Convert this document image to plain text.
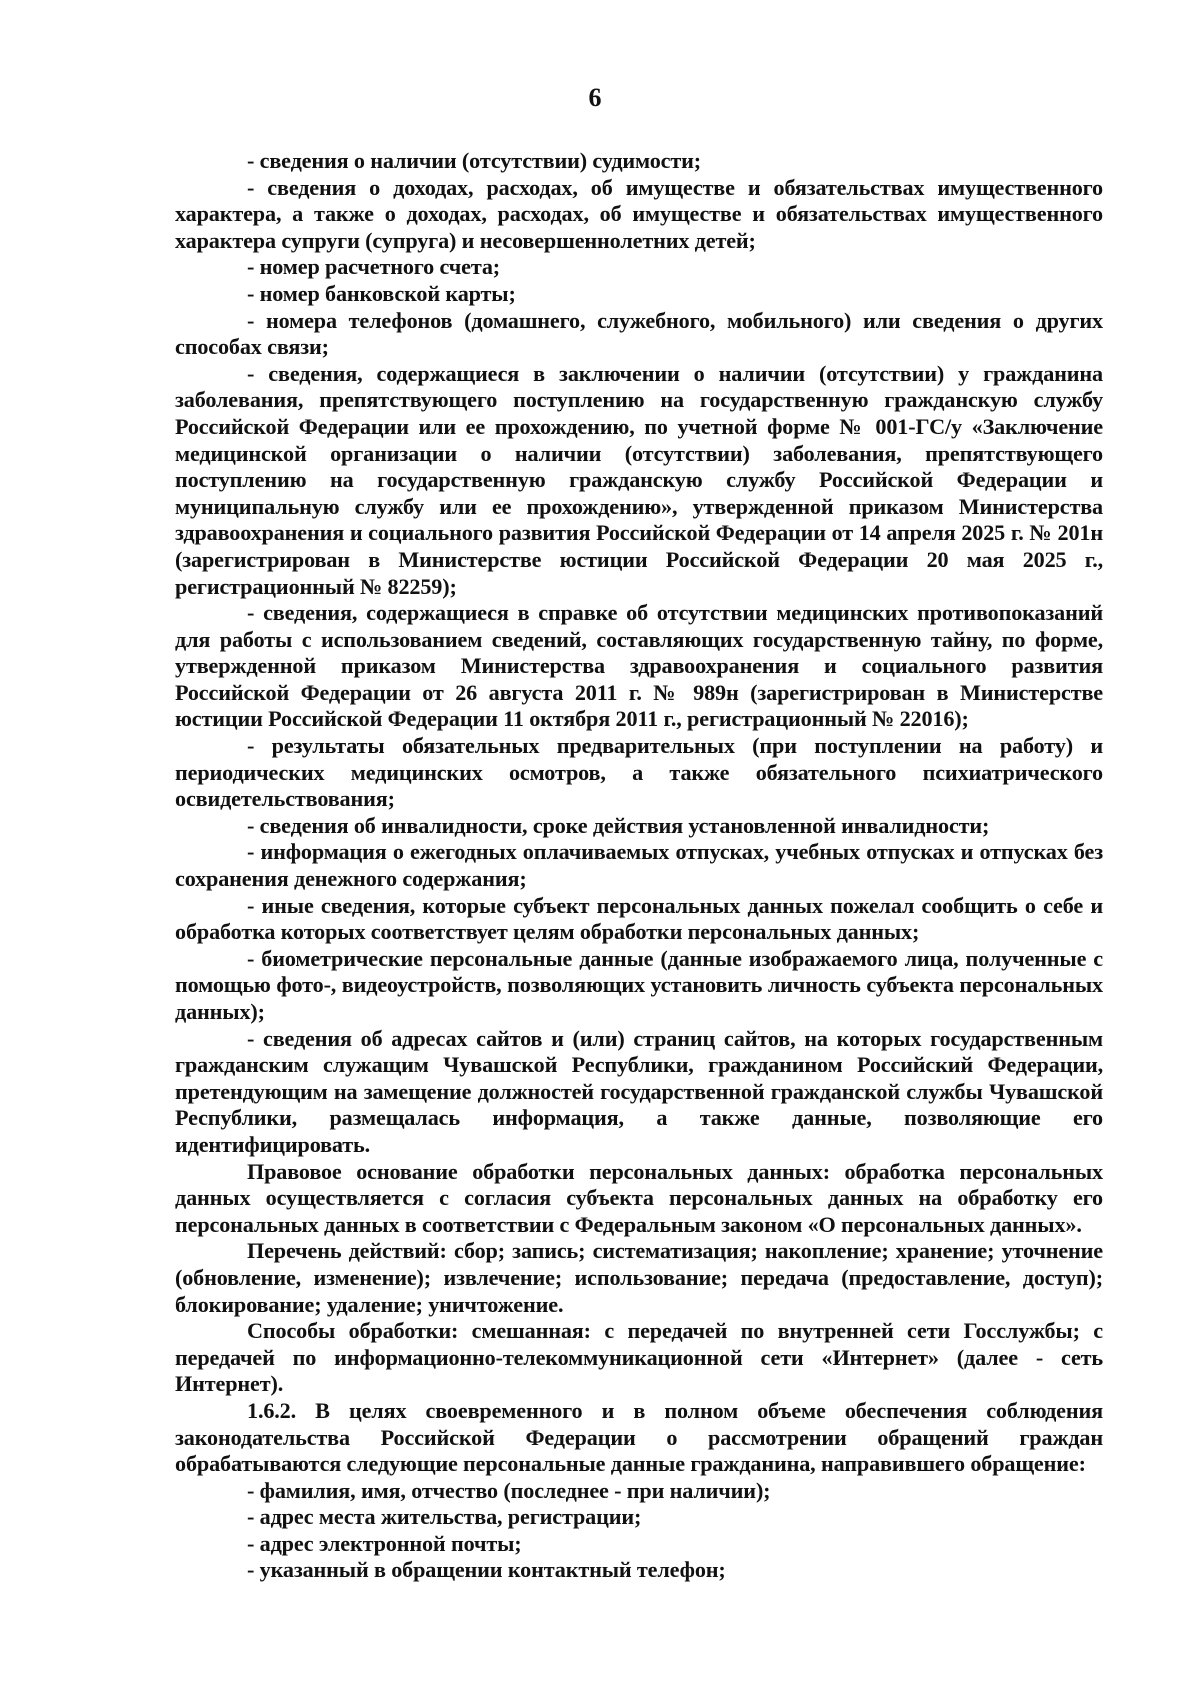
6

- сведения о наличии (отсутствии) судимости;

- сведения о доходах, расходах, об имуществе и обязательствах имущественного характера, а также о доходах, расходах, об имуществе и обязательствах имущественного характера супруги (супруга) и несовершеннолетних детей;

- номер расчетного счета;

- номер банковской карты;

- номера телефонов (домашнего, служебного, мобильного) или сведения о других способах связи;

- сведения, содержащиеся в заключении о наличии (отсутствии) у гражданина заболевания, препятствующего поступлению на государственную гражданскую службу Российской Федерации или ее прохождению, по учетной форме № 001-ГС/у «Заключение медицинской организации о наличии (отсутствии) заболевания, препятствующего поступлению на государственную гражданскую службу Российской Федерации и муниципальную службу или ее прохождению», утвержденной приказом Министерства здравоохранения и социального развития Российской Федерации от 14 апреля 2025 г. № 201н (зарегистрирован в Министерстве юстиции Российской Федерации 20 мая 2025 г., регистрационный № 82259);

- сведения, содержащиеся в справке об отсутствии медицинских противопоказаний для работы с использованием сведений, составляющих государственную тайну, по форме, утвержденной приказом Министерства здравоохранения и социального развития Российской Федерации от 26 августа 2011 г. № 989н (зарегистрирован в Министерстве юстиции Российской Федерации 11 октября 2011 г., регистрационный № 22016);

- результаты обязательных предварительных (при поступлении на работу) и периодических медицинских осмотров, а также обязательного психиатрического освидетельствования;

- сведения об инвалидности, сроке действия установленной инвалидности;

- информация о ежегодных оплачиваемых отпусках, учебных отпусках и отпусках без сохранения денежного содержания;

- иные сведения, которые субъект персональных данных пожелал сообщить о себе и обработка которых соответствует целям обработки персональных данных;

- биометрические персональные данные (данные изображаемого лица, полученные с помощью фото-, видеоустройств, позволяющих установить личность субъекта персональных данных);

- сведения об адресах сайтов и (или) страниц сайтов, на которых государственным гражданским служащим Чувашской Республики, гражданином Российский Федерации, претендующим на замещение должностей государственной гражданской службы Чувашской Республики, размещалась информация, а также данные, позволяющие его идентифицировать.

Правовое основание обработки персональных данных: обработка персональных данных осуществляется с согласия субъекта персональных данных на обработку его персональных данных в соответствии с Федеральным законом «О персональных данных».

Перечень действий: сбор; запись; систематизация; накопление; хранение; уточнение (обновление, изменение); извлечение; использование; передача (предоставление, доступ); блокирование; удаление; уничтожение.

Способы обработки: смешанная: с передачей по внутренней сети Госслужбы; с передачей по информационно-телекоммуникационной сети «Интернет» (далее - сеть Интернет).

1.6.2. В целях своевременного и в полном объеме обеспечения соблюдения законодательства Российской Федерации о рассмотрении обращений граждан обрабатываются следующие персональные данные гражданина, направившего обращение:

- фамилия, имя, отчество (последнее - при наличии);

- адрес места жительства, регистрации;

- адрес электронной почты;

- указанный в обращении контактный телефон;
